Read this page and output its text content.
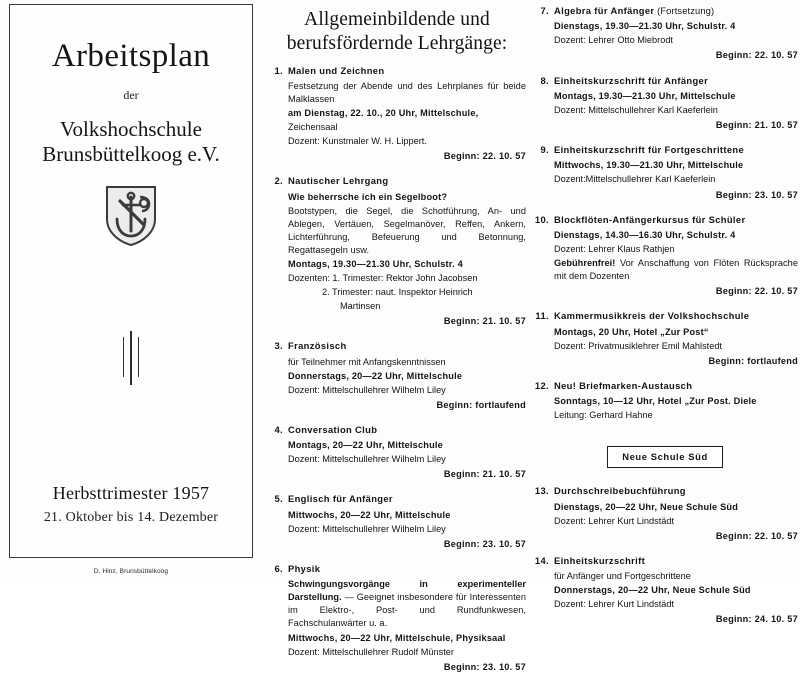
Arbeitsplan
der
Volkshochschule
Brunsbüttelkoog e.V.
Herbsttrimester 1957
21. Oktober bis 14. Dezember
D. Hinz, Brunsbüttelkoog
Allgemeinbildende und
berufsfördernde Lehrgänge:
1. Malen und Zeichnen
Festsetzung der Abende und des Lehrplanes für beide Malklassen
am Dienstag, 22. 10., 20 Uhr, Mittelschule,
Zeichensaal
Dozent: Kunstmaler W. H. Lippert.
Beginn: 22. 10. 57
2. Nautischer Lehrgang
Wie beherrsche ich ein Segelboot?
Bootstypen, die Segel, die Schotführung, An- und Ablegen, Vertäuen, Segelmanöver, Reffen, Ankern, Lichterführung, Befeuerung und Betonnung, Regattasegeln usw.
Montags, 19.30—21.30 Uhr, Schulstr. 4
Dozenten: 1. Trimester: Rektor John Jacobsen
2. Trimester: naut. Inspektor Heinrich
Martinsen
Beginn: 21. 10. 57
3. Französisch
für Teilnehmer mit Anfangskenntnissen
Donnerstags, 20—22 Uhr, Mittelschule
Dozent: Mittelschullehrer Wilhelm Liley
Beginn: fortlaufend
4. Conversation Club
Montags, 20—22 Uhr, Mittelschule
Dozent: Mittelschullehrer Wilhelm Liley
Beginn: 21. 10. 57
5. Englisch für Anfänger
Mittwochs, 20—22 Uhr, Mittelschule
Dozent: Mittelschullehrer Wilhelm Liley
Beginn: 23. 10. 57
6. Physik
Schwingungsvorgänge in experimenteller Darstellung. — Geeignet insbesondere für Interessenten im Elektro-, Post- und Rundfunkwesen, Fachschulanwärter u. a.
Mittwochs, 20—22 Uhr, Mittelschule, Physiksaal
Dozent: Mittelschullehrer Rudolf Münster
Beginn: 23. 10. 57
7. Algebra für Anfänger (Fortsetzung)
Dienstags, 19.30—21.30 Uhr, Schulstr. 4
Dozent: Lehrer Otto Miebrodt
Beginn: 22. 10. 57
8. Einheitskurzschrift für Anfänger
Montags, 19.30—21.30 Uhr, Mittelschule
Dozent: Mittelschullehrer Karl Kaeferlein
Beginn: 21. 10. 57
9. Einheitskurzschrift für Fortgeschrittene
Mittwochs, 19.30—21.30 Uhr, Mittelschule
Dozent:Mittelschullehrer Karl Kaeferlein
Beginn: 23. 10. 57
10. Blockflöten-Anfängerkursus für Schüler
Dienstags, 14.30—16.30 Uhr, Schulstr. 4
Dozent: Lehrer Klaus Rathjen
Gebührenfrei! Vor Anschaffung von Flöten Rücksprache mit dem Dozenten
Beginn: 22. 10. 57
11. Kammermusikkreis der Volkshochschule
Montags, 20 Uhr, Hotel „Zur Post“
Dozent: Privatmusiklehrer Emil Mahlstedt
Beginn: fortlaufend
12. Neu! Briefmarken-Austausch
Sonntags, 10—12 Uhr, Hotel „Zur Post. Diele
Leitung: Gerhard Hahne
Neue Schule Süd
13. Durchschreibebuchführung
Dienstags, 20—22 Uhr, Neue Schule Süd
Dozent: Lehrer Kurt Lindstädt
Beginn: 22. 10. 57
14. Einheitskurzschrift
für Anfänger und Fortgeschrittene
Donnerstags, 20—22 Uhr, Neue Schule Süd
Dozent: Lehrer Kurt Lindstädt
Beginn: 24. 10. 57
